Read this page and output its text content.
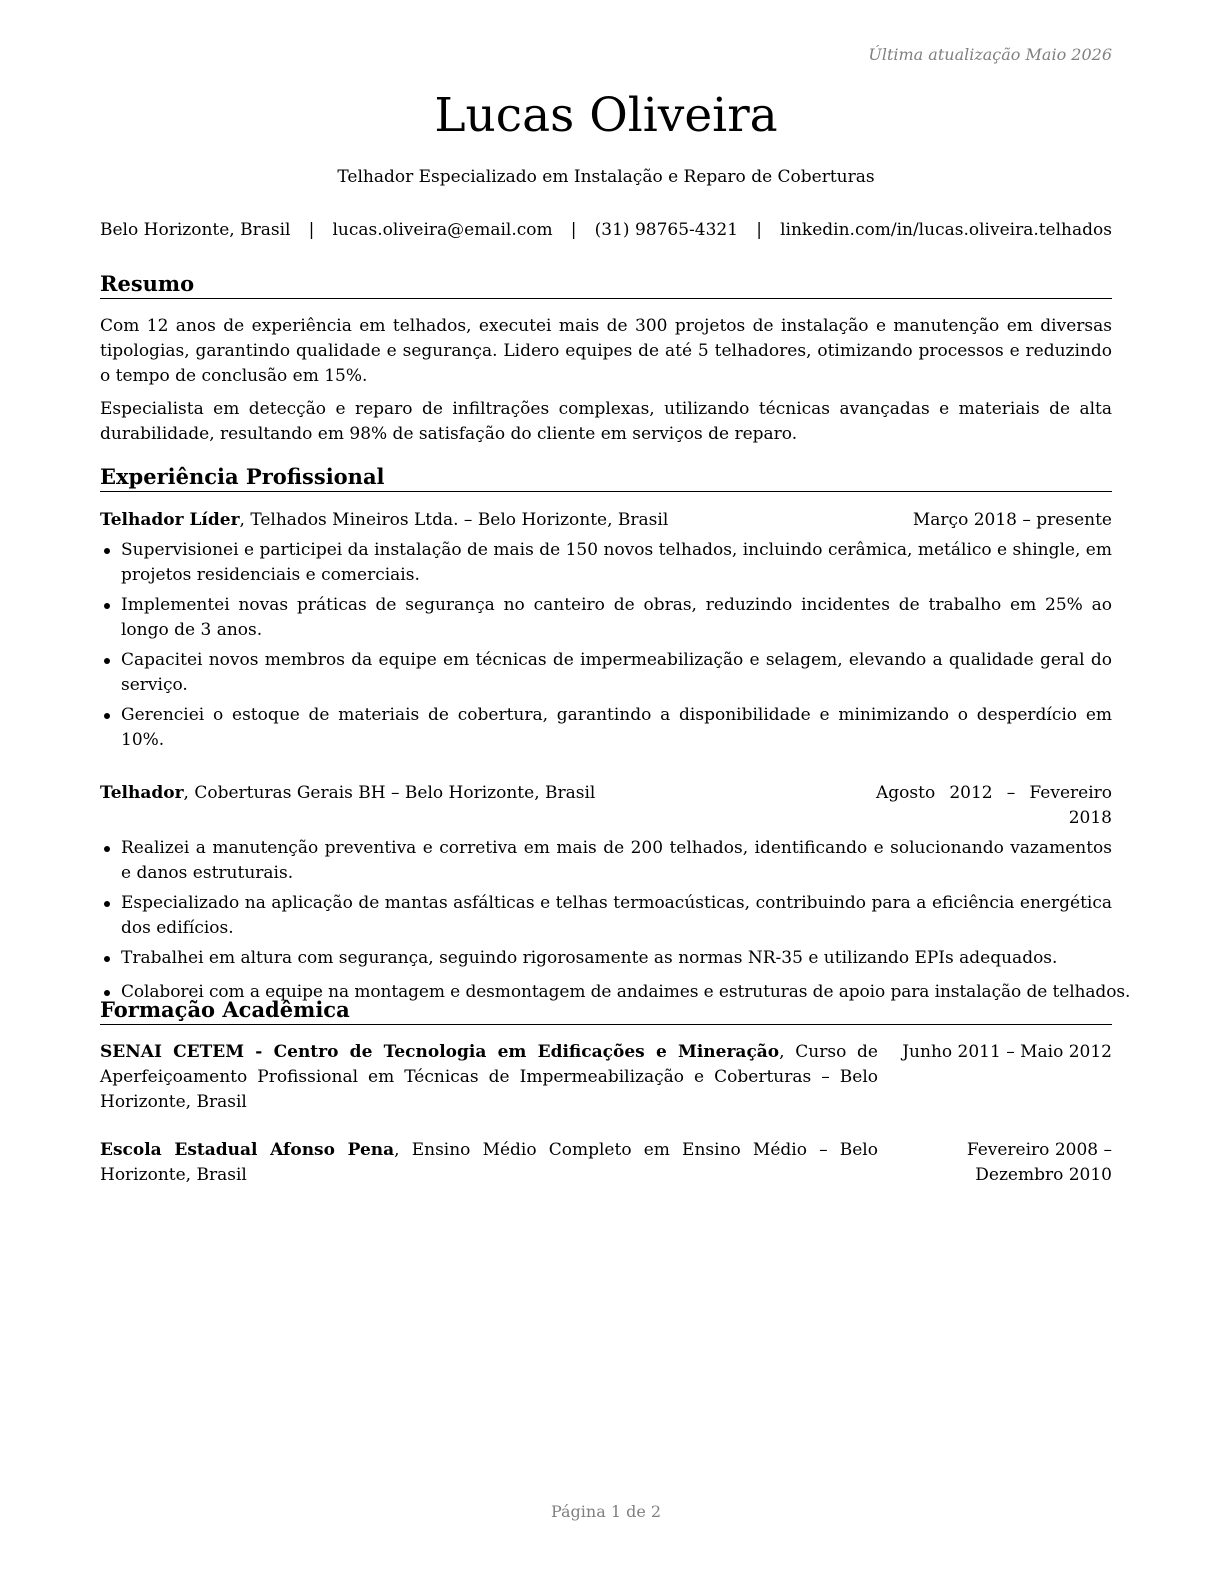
Última atualização Maio 2026
Lucas Oliveira
Telhador Especializado em Instalação e Reparo de Coberturas
Belo Horizonte, Brasil | lucas.oliveira@email.com | (31) 98765-4321 | linkedin.com/in/lucas.oliveira.telhados
Resumo

Com 12 anos de experiência em telhados, executei mais de 300 projetos de instalação e manutenção em diversas tipologias, garantindo qualidade e segurança. Lidero equipes de até 5 telhadores, otimizando processos e reduzindo o tempo de conclusão em 15%.

Especialista em detecção e reparo de infiltrações complexas, utilizando técnicas avançadas e materiais de alta durabilidade, resultando em 98% de satisfação do cliente em serviços de reparo.

Experiência Profissional
Telhador Líder, Telhados Mineiros Ltda. – Belo Horizonte, Brasil	Março 2018 – presente
Supervisionei e participei da instalação de mais de 150 novos telhados, incluindo cerâmica, metálico e shingle, em projetos residenciais e comerciais.
Implementei novas práticas de segurança no canteiro de obras, reduzindo incidentes de trabalho em 25% ao longo de 3 anos.
Capacitei novos membros da equipe em técnicas de impermeabilização e selagem, elevando a qualidade geral do serviço.
Gerenciei o estoque de materiais de cobertura, garantindo a disponibilidade e minimizando o desperdício em 10%.
Telhador, Coberturas Gerais BH – Belo Horizonte, Brasil	Agosto 2012 – Fevereiro 2018
Realizei a manutenção preventiva e corretiva em mais de 200 telhados, identificando e solucionando vazamentos e danos estruturais.
Especializado na aplicação de mantas asfálticas e telhas termoacústicas, contribuindo para a eficiência energética dos edifícios.
Trabalhei em altura com segurança, seguindo rigorosamente as normas NR-35 e utilizando EPIs adequados.
Colaborei com a equipe na montagem e desmontagem de andaimes e estruturas de apoio para instalação de telhados.
Formação Acadêmica
SENAI CETEM - Centro de Tecnologia em Edificações e Mineração, Curso de Aperfeiçoamento Profissional em Técnicas de Impermeabilização e Coberturas – Belo Horizonte, Brasil
Junho 2011 – Maio 2012
Escola Estadual Afonso Pena, Ensino Médio Completo em Ensino Médio – Belo Horizonte, Brasil
Fevereiro 2008 – Dezembro 2010
Página 1 de 2
